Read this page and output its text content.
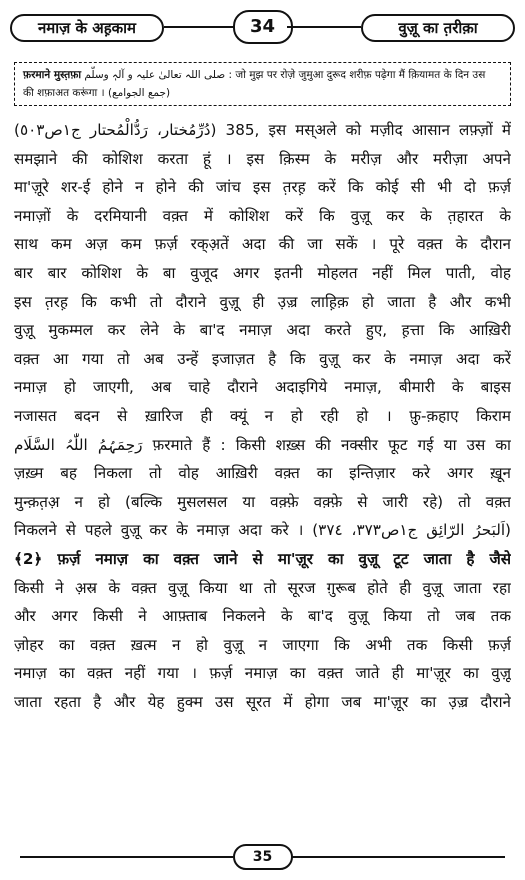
नमाज़ के अह़काम	34	वुज़ू का त़रीक़ा
फ़रमाने मुस्त़फ़ा صلی اللہ تعالیٰ علیہ و آلہٖ وسلّم : जो मुझ पर रोज़े जुमुआ दुरूद शरीफ़ पढ़ेगा मैं क़ियामत के दिन उस
की शफ़ाअत करूंगा । (جمع الجوامع)
(دُرِّمُختار، رَدُّالْمُحتار ج١ص٥٠٣) 385, इस मस्अले को मज़ीद आसान लफ़्ज़ों में
समझाने की कोशिश करता हूं । इस क़िस्म के मरीज़ और मरीज़ा अपने
मा'ज़ूरे शर-ई होने न होने की जांच इस त़रह़ करें कि कोई सी भी दो फ़र्ज़
नमाज़ों के दरमियानी वक़्त में कोशिश करें कि वुज़ू कर के त़हारत के
साथ कम अज़ कम फ़र्ज़ रक्अ़तें अदा की जा सकें । पूरे वक़्त के दौरान
बार बार कोशिश के बा वुजूद अगर इतनी मोहलत नहीं मिल पाती, वोह
इस त़रह़ कि कभी तो दौराने वुज़ू ही उ़ज़्र लाह़िक़ हो जाता है और कभी
वुज़ू मुकम्मल कर लेने के बा'द नमाज़ अदा करते हुए, ह़त्ता कि आख़िरी
वक़्त आ गया तो अब उन्हें इजाज़त है कि वुज़ू कर के नमाज़ अदा करें
नमाज़ हो जाएगी, अब चाहे दौराने अदाइगिये नमाज़, बीमारी के बाइस
नजासत बदन से ख़ारिज ही क्यूं न हो रही हो । फ़ु-क़हाए किराम
رَحِمَہُمُ اللّٰہُ السَّلَام फ़रमाते हैं : किसी शख़्स की नक्सीर फूट गई या उस का
ज़ख़्म बह निकला तो वोह आख़िरी वक़्त का इन्तिज़ार करे अगर ख़ून
मुन्क़त़अ़ न हो (बल्कि मुसलसल या वक़्फ़े वक़्फ़े से जारी रहे) तो वक़्त
निकलने से पहले वुज़ू कर के नमाज़ अदा करे । (اَلبَحرُ الرّائِق ج١ص٣٧٣، ٣٧٤)
﴾2﴿ फ़र्ज़ नमाज़ का वक़्त जाने से मा'ज़ूर का वुज़ू टूट जाता है जैसे
किसी ने अ़स्र के वक़्त वुज़ू किया था तो सूरज ग़ुरूब होते ही वुज़ू जाता रहा
और अगर किसी ने आफ़्ताब निकलने के बा'द वुज़ू किया तो जब तक
ज़ोहर का वक़्त ख़त्म न हो वुज़ू न जाएगा कि अभी तक किसी फ़र्ज़
नमाज़ का वक़्त नहीं गया । फ़र्ज़ नमाज़ का वक़्त जाते ही मा'ज़ूर का वुज़ू
जाता रहता है और येह हुक्म उस सूरत में होगा जब मा'ज़ूर का उ़ज़्र दौराने
35
